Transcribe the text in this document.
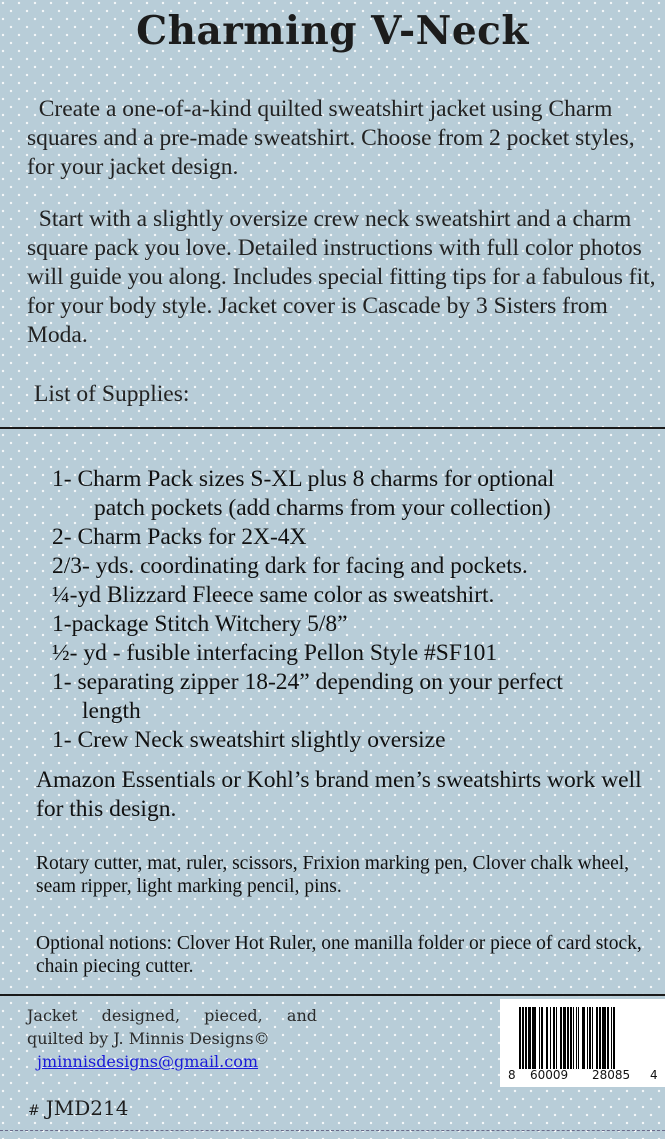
Charming V-Neck
Create a one-of-a-kind quilted sweatshirt jacket using Charm squares and a pre-made sweatshirt. Choose from 2 pocket styles, for your jacket design.
Start with a slightly oversize crew neck sweatshirt and a charm square pack you love. Detailed instructions with full color photos will guide you along. Includes special fitting tips for a fabulous fit, for your body style. Jacket cover is Cascade by 3 Sisters from Moda.
List of Supplies:
1- Charm Pack sizes S-XL plus 8 charms for optional
patch pockets (add charms from your collection)
2- Charm Packs for 2X-4X
2/3- yds. coordinating dark for facing and pockets.
¼-yd Blizzard Fleece same color as sweatshirt.
1-package Stitch Witchery 5/8”
½- yd - fusible interfacing Pellon Style #SF101
1- separating zipper 18-24” depending on your perfect
length
1- Crew Neck sweatshirt slightly oversize
Amazon Essentials or Kohl’s brand men’s sweatshirts work well for this design.
Rotary cutter, mat, ruler, scissors, Frixion marking pen, Clover chalk wheel, seam ripper, light marking pencil, pins.
Optional notions: Clover Hot Ruler, one manilla folder or piece of card stock, chain piecing cutter.
Jacket designed, pieced, and
quilted by J. Minnis Designs©
jminnisdesigns@gmail.com
# JMD214
8 60009 28085 4
